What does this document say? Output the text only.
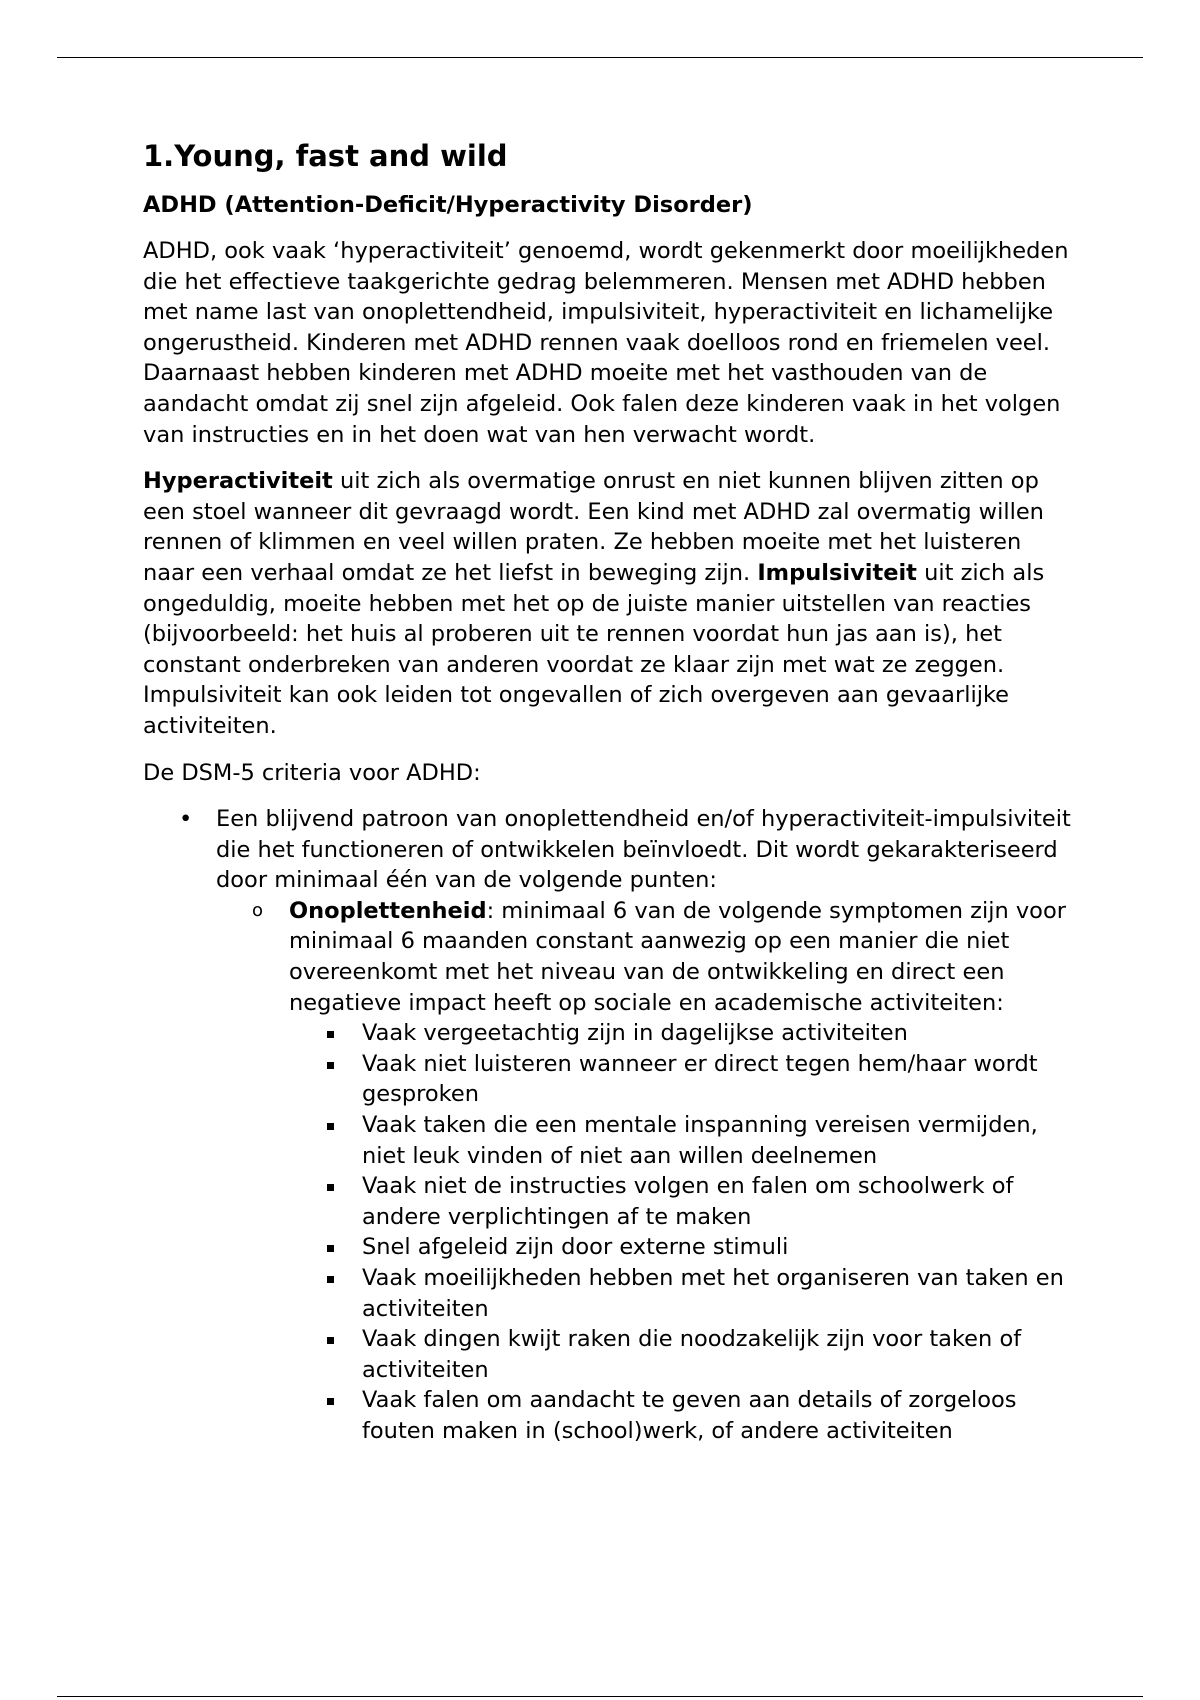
1.Young, fast and wild
ADHD (Attention-Deficit/Hyperactivity Disorder)

ADHD, ook vaak ‘hyperactiviteit’ genoemd, wordt gekenmerkt door moeilijkheden die het effectieve taakgerichte gedrag belemmeren. Mensen met ADHD hebben met name last van onoplettendheid, impulsiviteit, hyperactiviteit en lichamelijke ongerustheid. Kinderen met ADHD rennen vaak doelloos rond en friemelen veel. Daarnaast hebben kinderen met ADHD moeite met het vasthouden van de aandacht omdat zij snel zijn afgeleid. Ook falen deze kinderen vaak in het volgen van instructies en in het doen wat van hen verwacht wordt.

Hyperactiviteit uit zich als overmatige onrust en niet kunnen blijven zitten op een stoel wanneer dit gevraagd wordt. Een kind met ADHD zal overmatig willen rennen of klimmen en veel willen praten. Ze hebben moeite met het luisteren naar een verhaal omdat ze het liefst in beweging zijn. Impulsiviteit uit zich als ongeduldig, moeite hebben met het op de juiste manier uitstellen van reacties (bijvoorbeeld: het huis al proberen uit te rennen voordat hun jas aan is), het constant onderbreken van anderen voordat ze klaar zijn met wat ze zeggen. Impulsiviteit kan ook leiden tot ongevallen of zich overgeven aan gevaarlijke activiteiten.

De DSM-5 criteria voor ADHD:

• Een blijvend patroon van onoplettendheid en/of hyperactiviteit-impulsiviteit die het functioneren of ontwikkelen beïnvloedt. Dit wordt gekarakteriseerd door minimaal één van de volgende punten:
o Onoplettenheid: minimaal 6 van de volgende symptomen zijn voor minimaal 6 maanden constant aanwezig op een manier die niet overeenkomt met het niveau van de ontwikkeling en direct een negatieve impact heeft op sociale en academische activiteiten:
Vaak vergeetachtig zijn in dagelijkse activiteiten
Vaak niet luisteren wanneer er direct tegen hem/haar wordt gesproken
Vaak taken die een mentale inspanning vereisen vermijden, niet leuk vinden of niet aan willen deelnemen
Vaak niet de instructies volgen en falen om schoolwerk of andere verplichtingen af te maken
Snel afgeleid zijn door externe stimuli
Vaak moeilijkheden hebben met het organiseren van taken en activiteiten
Vaak dingen kwijt raken die noodzakelijk zijn voor taken of activiteiten
Vaak falen om aandacht te geven aan details of zorgeloos fouten maken in (school)werk, of andere activiteiten
